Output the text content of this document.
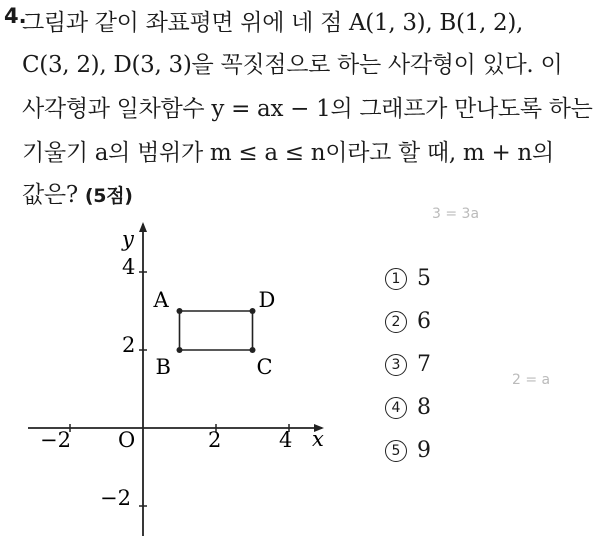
4.
그림과 같이 좌표평면 위에 네 점 A(1, 3), B(1, 2),
C(3, 2), D(3, 3)을 꼭짓점으로 하는 사각형이 있다. 이
사각형과 일차함수 y = ax − 1의 그래프가 만나도록 하는
기울기 a의 범위가 m ≤ a ≤ n이라고 할 때, m + n의
값은? (5점)
x
y
O
−2	2	4
4
2
−2
A
B	C
D
1 5
2 6
3 7
4 8
5 9
3 = 3a
2 = a
